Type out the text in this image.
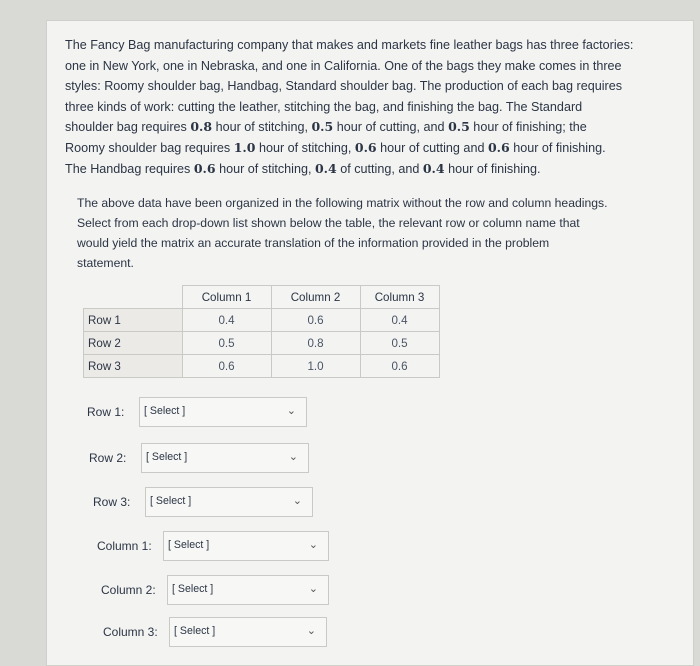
The Fancy Bag manufacturing company that makes and markets fine leather bags has three factories:
one in New York, one in Nebraska, and one in California. One of the bags they make comes in three
styles: Roomy shoulder bag, Handbag, Standard shoulder bag. The production of each bag requires
three kinds of work: cutting the leather, stitching the bag, and finishing the bag. The Standard
shoulder bag requires 0.8 hour of stitching, 0.5 hour of cutting, and 0.5 hour of finishing; the
Roomy shoulder bag requires 1.0 hour of stitching, 0.6 hour of cutting and 0.6 hour of finishing.
The Handbag requires 0.6 hour of stitching, 0.4 of cutting, and 0.4 hour of finishing.
The above data have been organized in the following matrix without the row and column headings.
Select from each drop-down list shown below the table, the relevant row or column name that
would yield the matrix an accurate translation of the information provided in the problem
statement.
	Column 1	Column 2	Column 3
Row 1	0.4	0.6	0.4
Row 2	0.5	0.8	0.5
Row 3	0.6	1.0	0.6
Row 1: [ Select ]	⌄
Row 2: [ Select ]	⌄
Row 3: [ Select ]	⌄
Column 1: [ Select ]	⌄
Column 2: [ Select ]	⌄
Column 3: [ Select ]	⌄
